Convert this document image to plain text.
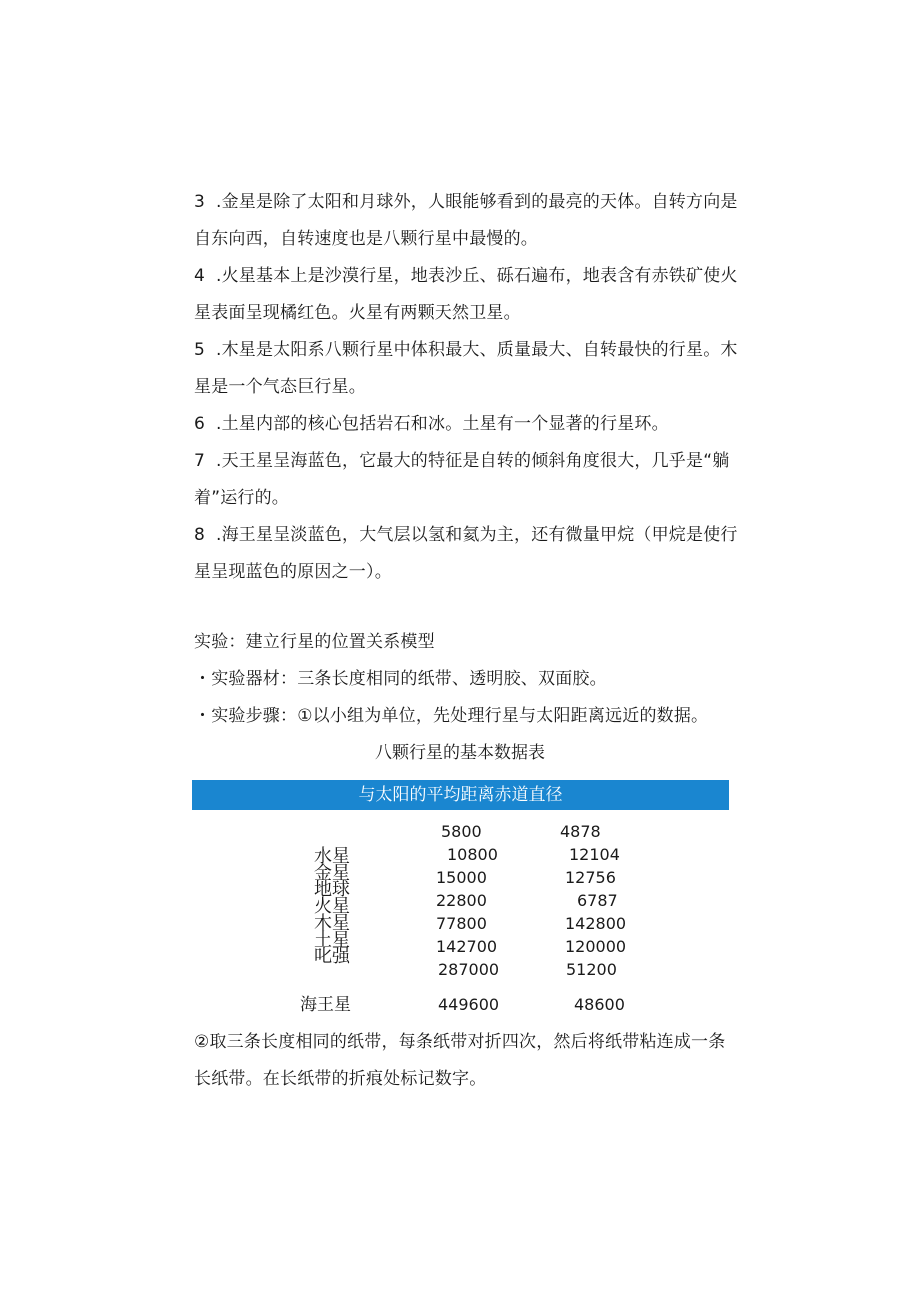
3 .金星是除了太阳和月球外，人眼能够看到的最亮的天体。自转方向是
自东向西，自转速度也是八颗行星中最慢的。
4 .火星基本上是沙漠行星，地表沙丘、砾石遍布，地表含有赤铁矿使火
星表面呈现橘红色。火星有两颗天然卫星。
5 .木星是太阳系八颗行星中体积最大、质量最大、自转最快的行星。木
星是一个气态巨行星。
6 .土星内部的核心包括岩石和冰。土星有一个显著的行星环。
7 .天王星呈海蓝色，它最大的特征是自转的倾斜角度很大，几乎是“躺
着”运行的。
8 .海王星呈淡蓝色，大气层以氢和氦为主，还有微量甲烷（甲烷是使行
星呈现蓝色的原因之一）。
实验：建立行星的位置关系模型
・实验器材：三条长度相同的纸带、透明胶、双面胶。
・实验步骤：①以小组为单位，先处理行星与太阳距离远近的数据。
八颗行星的基本数据表
与太阳的平均距离赤道直径
水星
金星
地球
火星
木星
土星
叱强
5800
10800
15000
22800
77800
142700
287000
4878
12104
12756
6787
142800
120000
51200
海王星	449600	48600
②取三条长度相同的纸带，每条纸带对折四次，然后将纸带粘连成一条
长纸带。在长纸带的折痕处标记数字。
